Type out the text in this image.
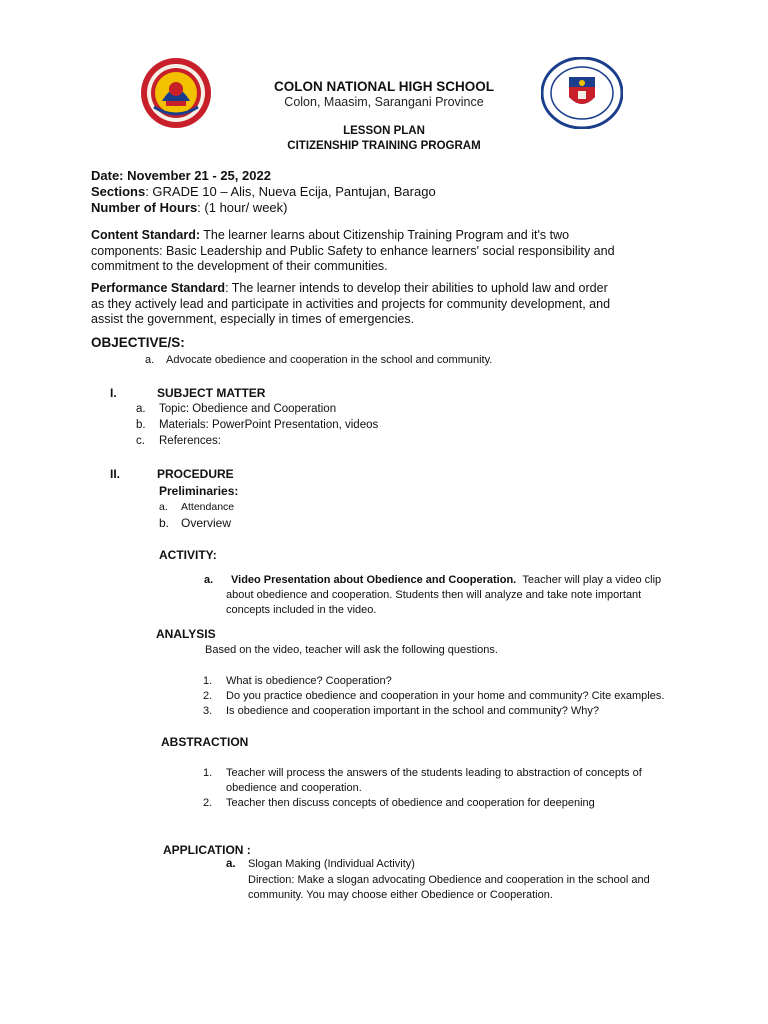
COLON NATIONAL HIGH SCHOOL
Colon, Maasim, Sarangani Province
LESSON PLAN
CITIZENSHIP TRAINING PROGRAM
Date: November 21 - 25, 2022
Sections: GRADE 10 – Alis, Nueva Ecija, Pantujan, Barago
Number of Hours: (1 hour/ week)
Content Standard: The learner learns about Citizenship Training Program and it's two
components: Basic Leadership and Public Safety to enhance learners' social responsibility and
commitment to the development of their communities.
Performance Standard: The learner intends to develop their abilities to uphold law and order
as they actively lead and participate in activities and projects for community development, and
assist the government, especially in times of emergencies.
OBJECTIVE/S:
a. Advocate obedience and cooperation in the school and community.
I.	SUBJECT MATTER
a. Topic: Obedience and Cooperation
b. Materials: PowerPoint Presentation, videos
c. References:
II.	PROCEDURE
Preliminaries:
a. Attendance
b. Overview
ACTIVITY:
a. Video Presentation about Obedience and Cooperation. Teacher will play a video clip
about obedience and cooperation. Students then will analyze and take note important
concepts included in the video.
ANALYSIS
Based on the video, teacher will ask the following questions.
1. What is obedience? Cooperation?
2. Do you practice obedience and cooperation in your home and community? Cite examples.
3. Is obedience and cooperation important in the school and community? Why?
ABSTRACTION
1. Teacher will process the answers of the students leading to abstraction of concepts of
obedience and cooperation.
2. Teacher then discuss concepts of obedience and cooperation for deepening
APPLICATION :
a. Slogan Making (Individual Activity)
Direction: Make a slogan advocating Obedience and cooperation in the school and
community. You may choose either Obedience or Cooperation.
